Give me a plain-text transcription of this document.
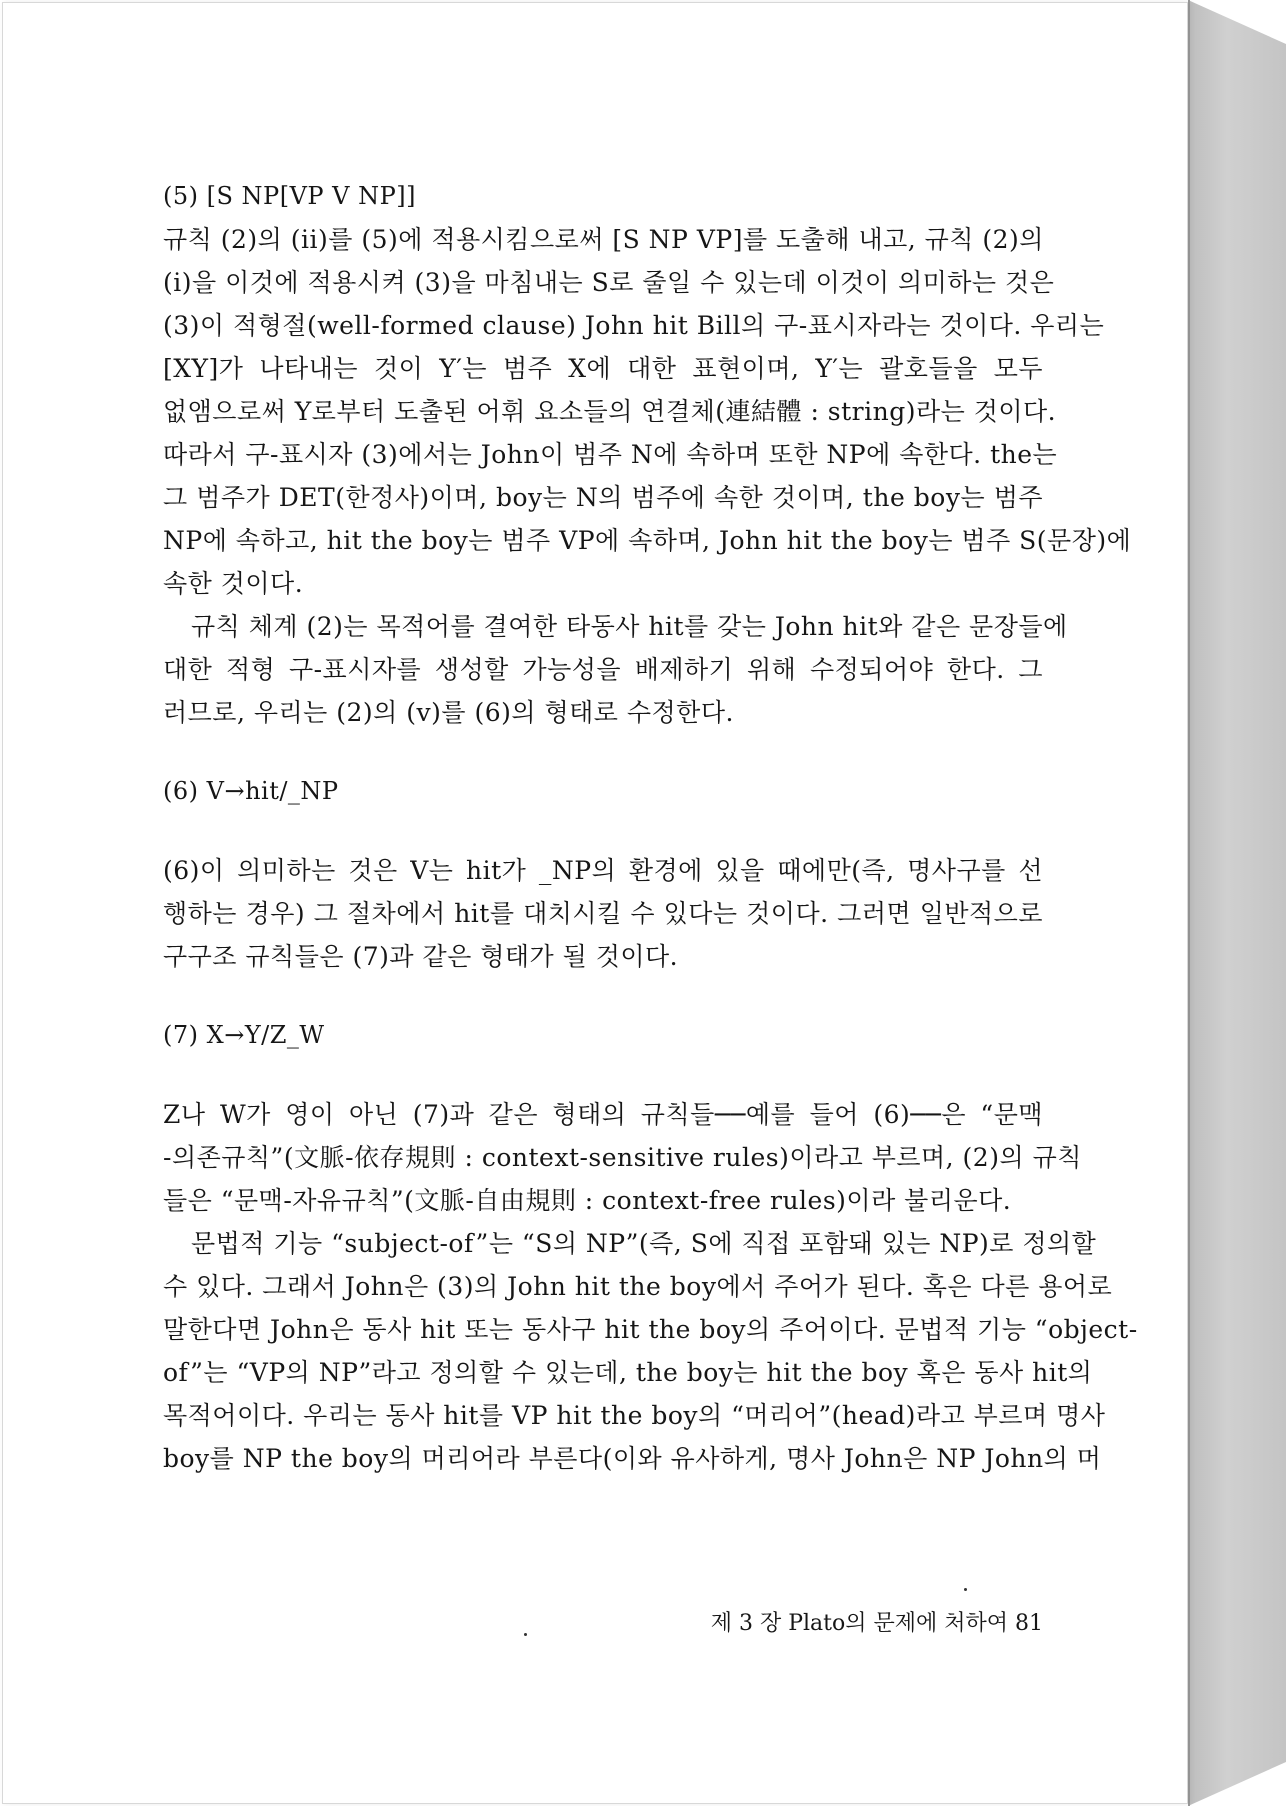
(5) [S NP[VP V NP]]
규칙 (2)의 (ii)를 (5)에 적용시킴으로써 [S NP VP]를 도출해 내고, 규칙 (2)의
(i)을 이것에 적용시켜 (3)을 마침내는 S로 줄일 수 있는데 이것이 의미하는 것은
(3)이 적형절(well-formed clause) John hit Bill의 구-표시자라는 것이다. 우리는
[XY]가 나타내는 것이 Y′는 범주 X에 대한 표현이며, Y′는 괄호들을 모두
없앰으로써 Y로부터 도출된 어휘 요소들의 연결체(連結體 : string)라는 것이다.
따라서 구-표시자 (3)에서는 John이 범주 N에 속하며 또한 NP에 속한다. the는
그 범주가 DET(한정사)이며, boy는 N의 범주에 속한 것이며, the boy는 범주
NP에 속하고, hit the boy는 범주 VP에 속하며, John hit the boy는 범주 S(문장)에
속한 것이다.
규칙 체계 (2)는 목적어를 결여한 타동사 hit를 갖는 John hit와 같은 문장들에
대한 적형 구-표시자를 생성할 가능성을 배제하기 위해 수정되어야 한다. 그
러므로, 우리는 (2)의 (v)를 (6)의 형태로 수정한다.
(6) V→hit/_NP
(6)이 의미하는 것은 V는 hit가 _NP의 환경에 있을 때에만(즉, 명사구를 선
행하는 경우) 그 절차에서 hit를 대치시킬 수 있다는 것이다. 그러면 일반적으로
구구조 규칙들은 (7)과 같은 형태가 될 것이다.
(7) X→Y/Z_W
Z나 W가 영이 아닌 (7)과 같은 형태의 규칙들──예를 들어 (6)──은 “문맥
-의존규칙”(文脈-依存規則 : context-sensitive rules)이라고 부르며, (2)의 규칙
들은 “문맥-자유규칙”(文脈-自由規則 : context-free rules)이라 불리운다.
문법적 기능 “subject-of”는 “S의 NP”(즉, S에 직접 포함돼 있는 NP)로 정의할
수 있다. 그래서 John은 (3)의 John hit the boy에서 주어가 된다. 혹은 다른 용어로
말한다면 John은 동사 hit 또는 동사구 hit the boy의 주어이다. 문법적 기능 “object-
of”는 “VP의 NP”라고 정의할 수 있는데, the boy는 hit the boy 혹은 동사 hit의
목적어이다. 우리는 동사 hit를 VP hit the boy의 “머리어”(head)라고 부르며 명사
boy를 NP the boy의 머리어라 부른다(이와 유사하게, 명사 John은 NP John의 머
제 3 장 Plato의 문제에 처하여 81
